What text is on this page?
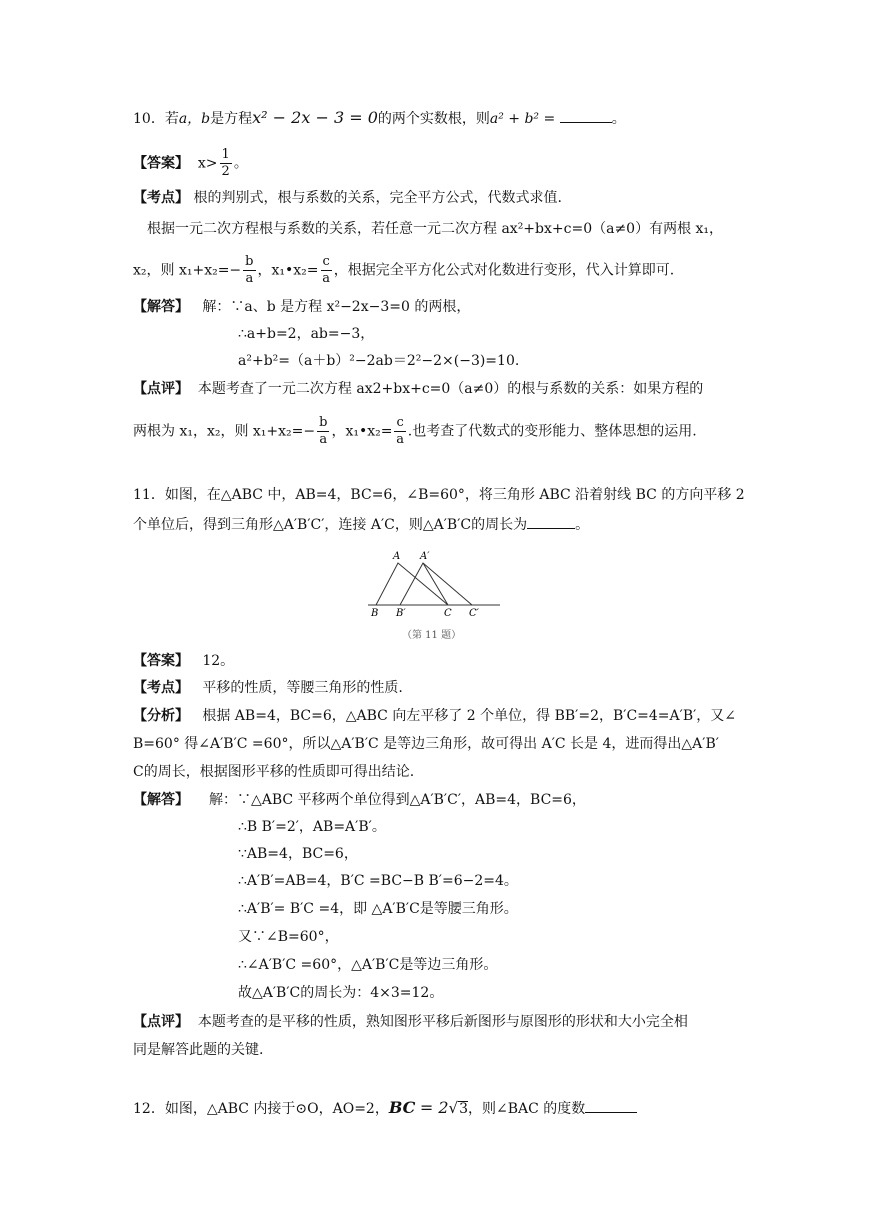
10．若a，b是方程x² − 2x − 3 = 0的两个实数根，则a² + b² =	。
【答案】 $x> \frac{1}{2}$ 。
【考点】 根的判别式，根与系数的关系，完全平方公式，代数式求值.
根据一元二次方程根与系数的关系，若任意一元二次方程 ax²+bx+c=0（a≠0）有两根 x₁，
x₂，则 $x_1+x_2=- \frac{b}{a}$ ，x₁•x₂= $\frac{c}{a}$ ，根据完全平方化公式对化数进行变形，代入计算即可.
【解答】 解：∵a、b 是方程 x²−2x−3=0 的两根，
∴a+b=2，ab=−3，
a²+b²=（a＋b）²−2ab＝2²−2×(−3)=10.
【点评】 本题考查了一元二次方程 ax2+bx+c=0（a≠0）的根与系数的关系：如果方程的
两根为 x₁，x₂，则 $x_1+x_2=- \frac{b}{a}$ ，x₁•x₂= $\frac{c}{a}$ .也考查了代数式的变形能力、整体思想的运用.
11．如图，在△ABC 中，AB=4，BC=6，∠B=60°，将三角形 ABC 沿着射线 BC 的方向平移 2
个单位后，得到三角形△A′B′C′，连接 A′C，则△A′B′C的周长为	。
A A′
B B′	C C′
（第 11 题）
【答案】 12。
【考点】 平移的性质，等腰三角形的性质.
【分析】 根据 AB=4，BC=6，△ABC 向左平移了 2 个单位，得 BB′=2，B′C=4=A′B′，又∠
B=60° 得∠A′B′C =60°，所以△A′B′C 是等边三角形，故可得出 A′C 长是 4，进而得出△A′B′
C的周长，根据图形平移的性质即可得出结论.
【解答】 解：∵△ABC 平移两个单位得到△A′B′C′，AB=4，BC=6，
∴B B′=2′，AB=A′B′。
∵AB=4，BC=6，
∴A′B′=AB=4，B′C =BC−B B′=6−2=4。
∴A′B′= B′C =4，即 △A′B′C是等腰三角形。
又∵∠B=60°，
∴∠A′B′C =60°，△A′B′C是等边三角形。
故△A′B′C的周长为：4×3=12。
【点评】 本题考查的是平移的性质，熟知图形平移后新图形与原图形的形状和大小完全相
同是解答此题的关键.
12．如图，△ABC 内接于⊙O，AO=2，BC = 2√3，则∠BAC 的度数
